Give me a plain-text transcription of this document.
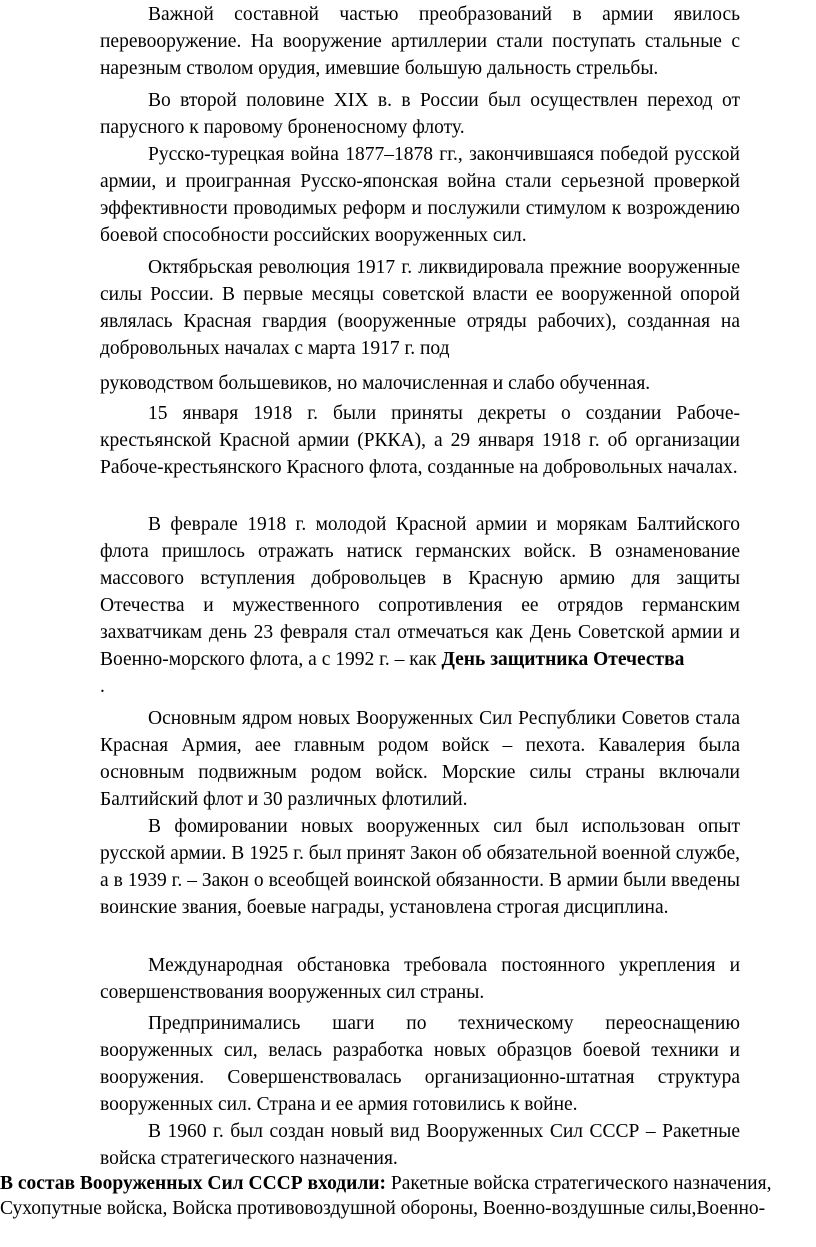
Важной составной частью преобразований в армии явилось перевооружение. На вооружение артиллерии стали поступать стальные с нарезным стволом орудия, имевшие большую дальность стрельбы.

Во второй половине XIX в. в России был осуществлен переход от парусного к паровому броненосному флоту.

Русско-турецкая война 1877–1878 гг., закончившаяся победой русской армии, и проигранная Русско-японская война стали серьезной проверкой эффективности проводимых реформ и послужили стимулом к возрождению боевой способности российских вооруженных сил.

Октябрьская революция 1917 г. ликвидировала прежние вооруженные силы России. В первые месяцы советской власти ее вооруженной опорой являлась Красная гвардия (вооруженные отряды рабочих), созданная на добровольных началах с марта 1917 г. под

руководством большевиков, но малочисленная и слабо обученная.

15 января 1918 г. были приняты декреты о создании Рабоче-крестьянской Красной армии (РККА), а 29 января 1918 г. об организации Рабоче-крестьянского Красного флота, созданные на добровольных началах.

В феврале 1918 г. молодой Красной армии и морякам Балтийского флота пришлось отражать натиск германских войск. В ознаменование массового вступления добровольцев в Красную армию для защиты Отечества и мужественного сопротивления ее отрядов германским захватчикам день 23 февраля стал отмечаться как День Советской армии и Военно-морского флота, а с 1992 г. – как День защитника Отечества
.

Основным ядром новых Вооруженных Сил Республики Советов стала Красная Армия, аее главным родом войск – пехота. Кавалерия была основным подвижным родом войск. Морские силы страны включали Балтийский флот и 30 различных флотилий.

В фомировании новых вооруженных сил был использован опыт русской армии. В 1925 г. был принят Закон об обязательной военной службе, а в 1939 г. – Закон о всеобщей воинской обязанности. В армии были введены воинские звания, боевые награды, установлена строгая дисциплина.

Международная обстановка требовала постоянного укрепления и совершенствования вооруженных сил страны.

Предпринимались шаги по техническому переоснащению вооруженных сил, велась разработка новых образцов боевой техники и вооружения. Совершенствовалась организационно-штатная структура вооруженных сил. Страна и ее армия готовились к войне.

В 1960 г. был создан новый вид Вооруженных Сил СССР – Ракетные войска стратегического назначения.

В состав Вооруженных Сил СССР входили: Ракетные войска стратегического назначения, Сухопутные войска, Войска противовоздушной обороны, Военно-воздушные силы,Военно-
